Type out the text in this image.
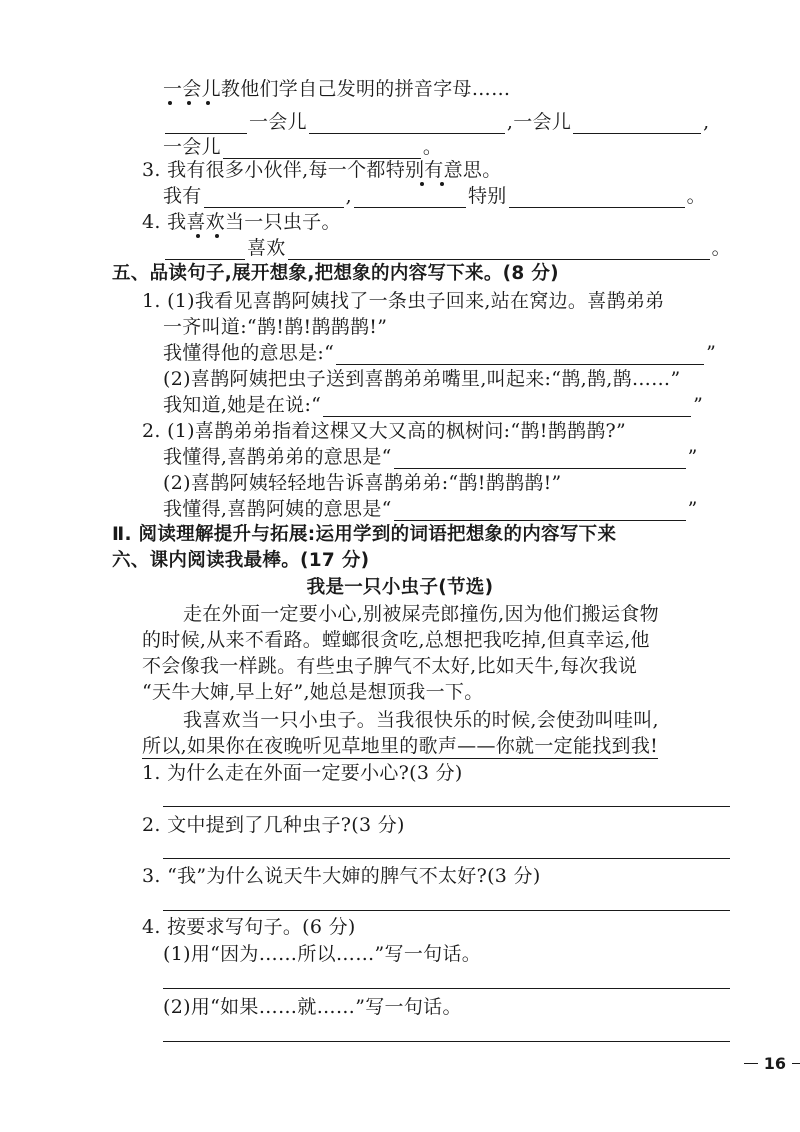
一会儿教他们学自己发明的拼音字母……
一会儿	,一会儿	,
一会儿	。
3. 我有很多小伙伴,每一个都特别有意思。
我有	,	特别	。
4. 我喜欢当一只虫子。
喜欢	。
五、品读句子,展开想象,把想象的内容写下来。(8 分)
1. (1)我看见喜鹊阿姨找了一条虫子回来,站在窝边。喜鹊弟弟
一齐叫道:“鹊!鹊!鹊鹊鹊!”
我懂得他的意思是:“	”
(2)喜鹊阿姨把虫子送到喜鹊弟弟嘴里,叫起来:“鹊,鹊,鹊……”
我知道,她是在说:“	”
2. (1)喜鹊弟弟指着这棵又大又高的枫树问:“鹊!鹊鹊鹊?”
我懂得,喜鹊弟弟的意思是“	”
(2)喜鹊阿姨轻轻地告诉喜鹊弟弟:“鹊!鹊鹊鹊!”
我懂得,喜鹊阿姨的意思是“	”
Ⅱ. 阅读理解提升与拓展:运用学到的词语把想象的内容写下来
六、课内阅读我最棒。(17 分)
我是一只小虫子(节选)
走在外面一定要小心,别被屎壳郎撞伤,因为他们搬运食物
的时候,从来不看路。螳螂很贪吃,总想把我吃掉,但真幸运,他
不会像我一样跳。有些虫子脾气不太好,比如天牛,每次我说
“天牛大婶,早上好”,她总是想顶我一下。
我喜欢当一只小虫子。当我很快乐的时候,会使劲叫哇叫,
所以,如果你在夜晚听见草地里的歌声——你就一定能找到我!
1. 为什么走在外面一定要小心?(3 分)
2. 文中提到了几种虫子?(3 分)
3. “我”为什么说天牛大婶的脾气不太好?(3 分)
4. 按要求写句子。(6 分)
(1)用“因为……所以……”写一句话。
(2)用“如果……就……”写一句话。
16
